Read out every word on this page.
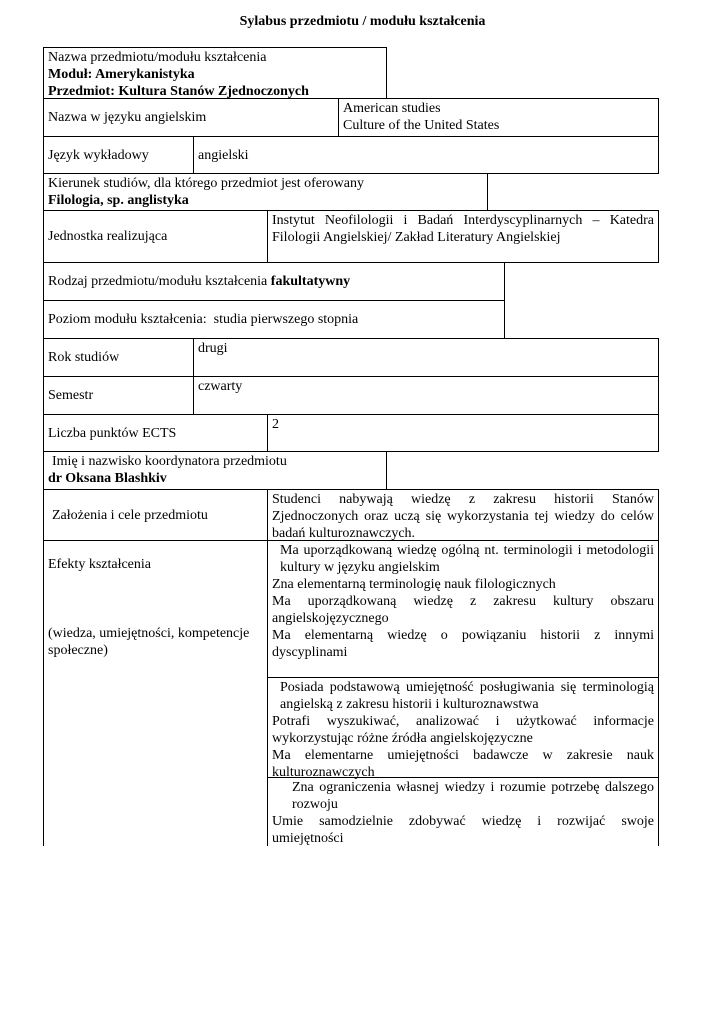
Sylabus przedmiotu / modułu kształcenia
Nazwa przedmiotu/modułu kształcenia
Moduł: Amerykanistyka
Przedmiot: Kultura Stanów Zjednoczonych
Nazwa w języku angielskim
American studies
Culture of the United States
Język wykładowy	angielski
Kierunek studiów, dla którego przedmiot jest oferowany
Filologia, sp. anglistyka
Jednostka realizująca
Instytut Neofilologii i Badań Interdyscyplinarnych – Katedra Filologii Angielskiej/ Zakład Literatury Angielskiej
Rodzaj przedmiotu/modułu kształcenia fakultatywny
Poziom modułu kształcenia: studia pierwszego stopnia
Rok studiów
drugi
Semestr
czwarty
Liczba punktów ECTS
2
Imię i nazwisko koordynatora przedmiotu
dr Oksana Blashkiv
Założenia i cele przedmiotu
Studenci nabywają wiedzę z zakresu historii Stanów Zjednoczonych oraz uczą się wykorzystania tej wiedzy do celów badań kulturoznawczych.
Efekty kształcenia
(wiedza, umiejętności, kompetencje społeczne)
Ma uporządkowaną wiedzę ogólną nt. terminologii i metodologii kultury w języku angielskim
Zna elementarną terminologię nauk filologicznych
Ma uporządkowaną wiedzę z zakresu kultury obszaru angielskojęzycznego
Ma elementarną wiedzę o powiązaniu historii z innymi dyscyplinami
Posiada podstawową umiejętność posługiwania się terminologią angielską z zakresu historii i kulturoznawstwa
Potrafi wyszukiwać, analizować i użytkować informacje wykorzystując różne źródła angielskojęzyczne
Ma elementarne umiejętności badawcze w zakresie nauk kulturoznawczych
Zna ograniczenia własnej wiedzy i rozumie potrzebę dalszego rozwoju
Umie samodzielnie zdobywać wiedzę i rozwijać swoje umiejętności
